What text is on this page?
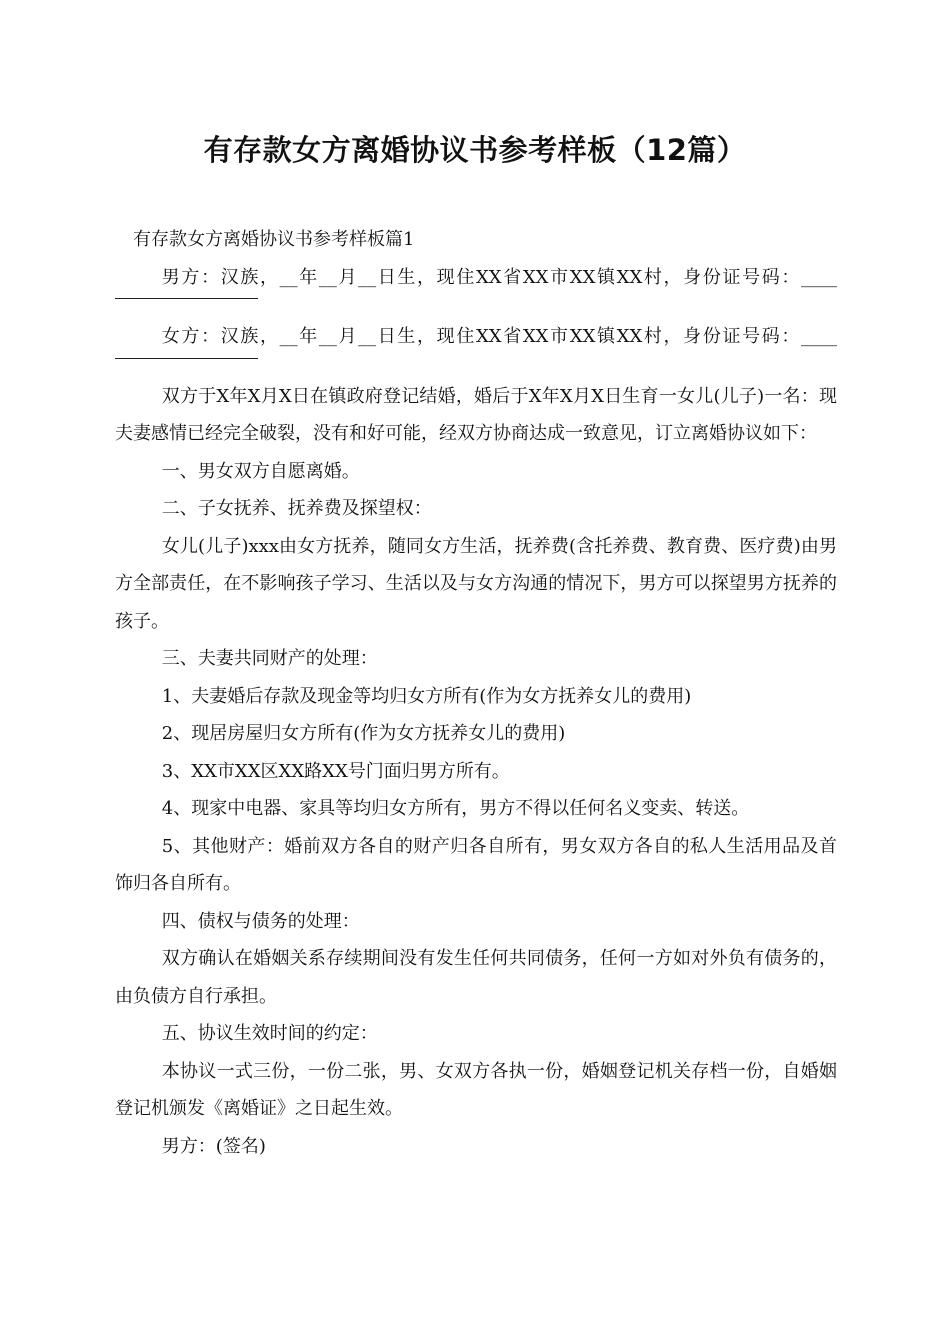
有存款女方离婚协议书参考样板（12篇）

有存款女方离婚协议书参考样板篇1

男方：汉族，__年__月__日生，现住XX省XX市XX镇XX村，身份证号码：____

女方：汉族，__年__月__日生，现住XX省XX市XX镇XX村，身份证号码：____

双方于X年X月X日在镇政府登记结婚，婚后于X年X月X日生育一女儿(儿子)一名：现夫妻感情已经完全破裂，没有和好可能，经双方协商达成一致意见，订立离婚协议如下：

一、男女双方自愿离婚。

二、子女抚养、抚养费及探望权：

女儿(儿子)xxx由女方抚养，随同女方生活，抚养费(含托养费、教育费、医疗费)由男方全部责任，在不影响孩子学习、生活以及与女方沟通的情况下，男方可以探望男方抚养的孩子。

三、夫妻共同财产的处理：

1、夫妻婚后存款及现金等均归女方所有(作为女方抚养女儿的费用)

2、现居房屋归女方所有(作为女方抚养女儿的费用)

3、XX市XX区XX路XX号门面归男方所有。

4、现家中电器、家具等均归女方所有，男方不得以任何名义变卖、转送。

5、其他财产：婚前双方各自的财产归各自所有，男女双方各自的私人生活用品及首饰归各自所有。

四、债权与债务的处理：

双方确认在婚姻关系存续期间没有发生任何共同债务，任何一方如对外负有债务的，由负债方自行承担。

五、协议生效时间的约定：

本协议一式三份，一份二张，男、女双方各执一份，婚姻登记机关存档一份，自婚姻登记机颁发《离婚证》之日起生效。

男方：(签名)
